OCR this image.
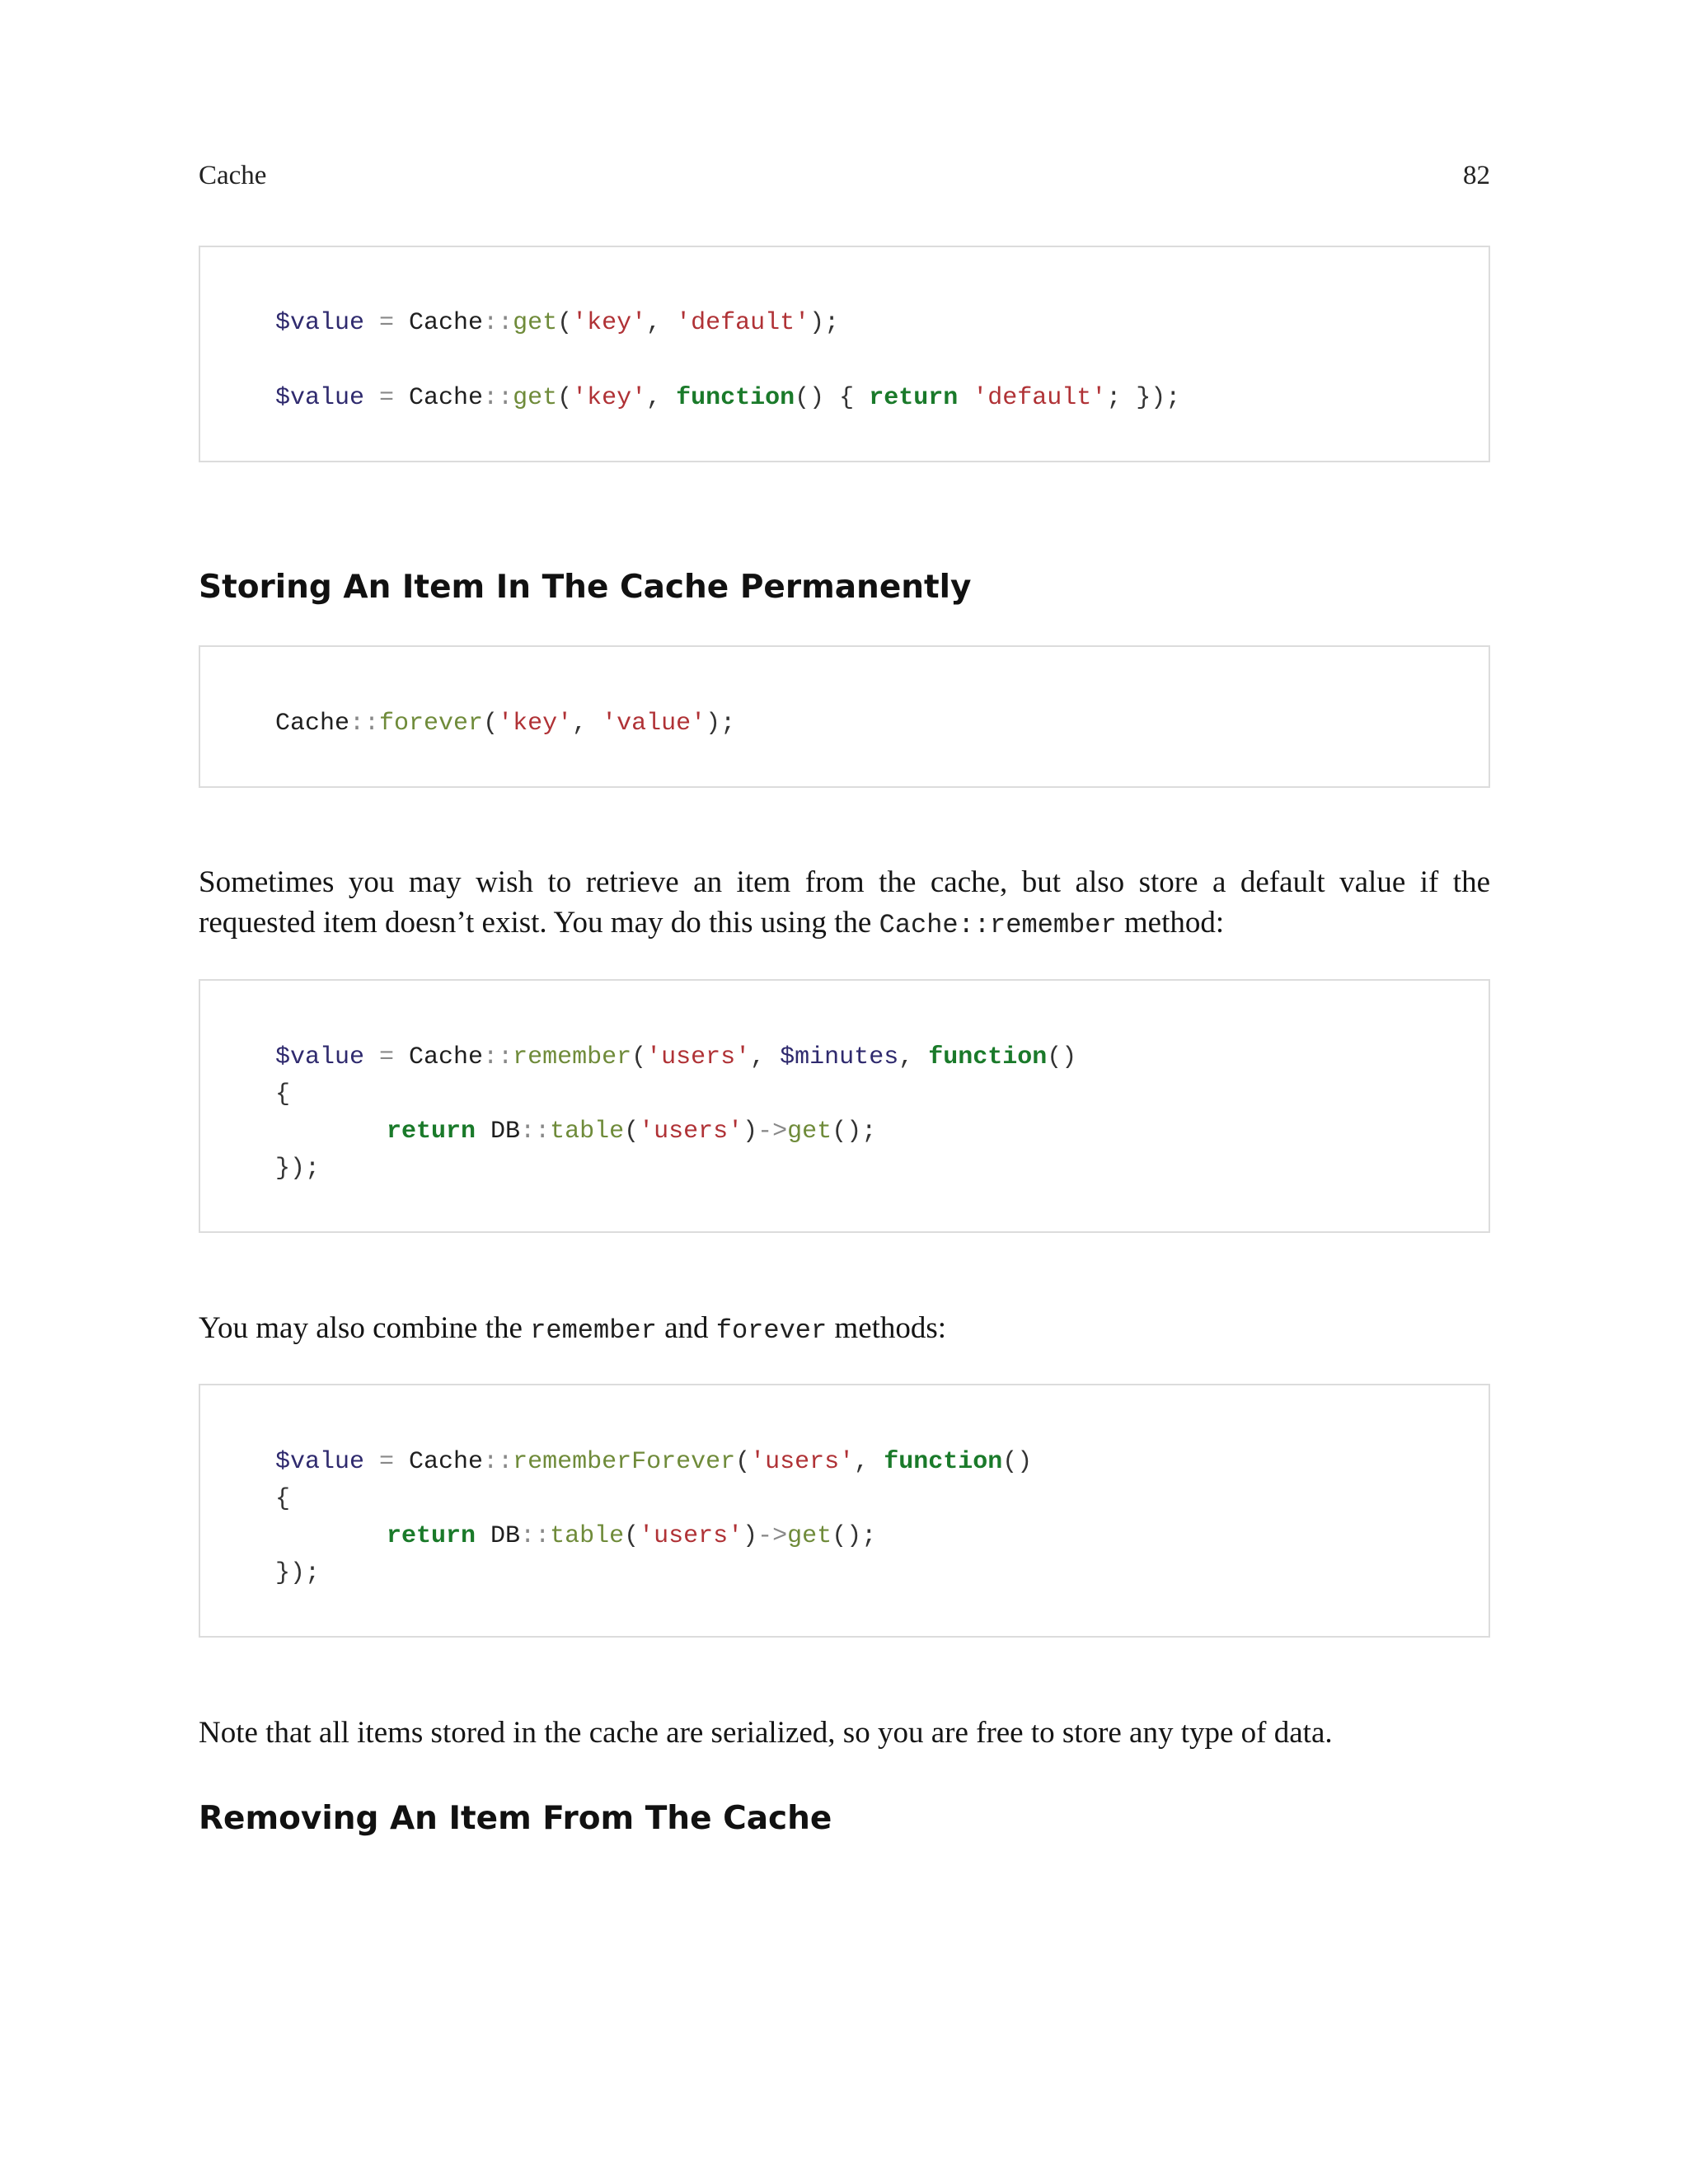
Cache	82
$value = Cache::get('key', 'default');
$value = Cache::get('key', function() { return 'default'; });
Storing An Item In The Cache Permanently
Cache::forever('key', 'value');
Sometimes you may wish to retrieve an item from the cache, but also store a default value if the requested item doesn’t exist. You may do this using the Cache::remember method:
$value = Cache::remember('users', $minutes, function()
{
return DB::table('users')->get();
});
You may also combine the remember and forever methods:
$value = Cache::rememberForever('users', function()
{
return DB::table('users')->get();
});
Note that all items stored in the cache are serialized, so you are free to store any type of data.
Removing An Item From The Cache
